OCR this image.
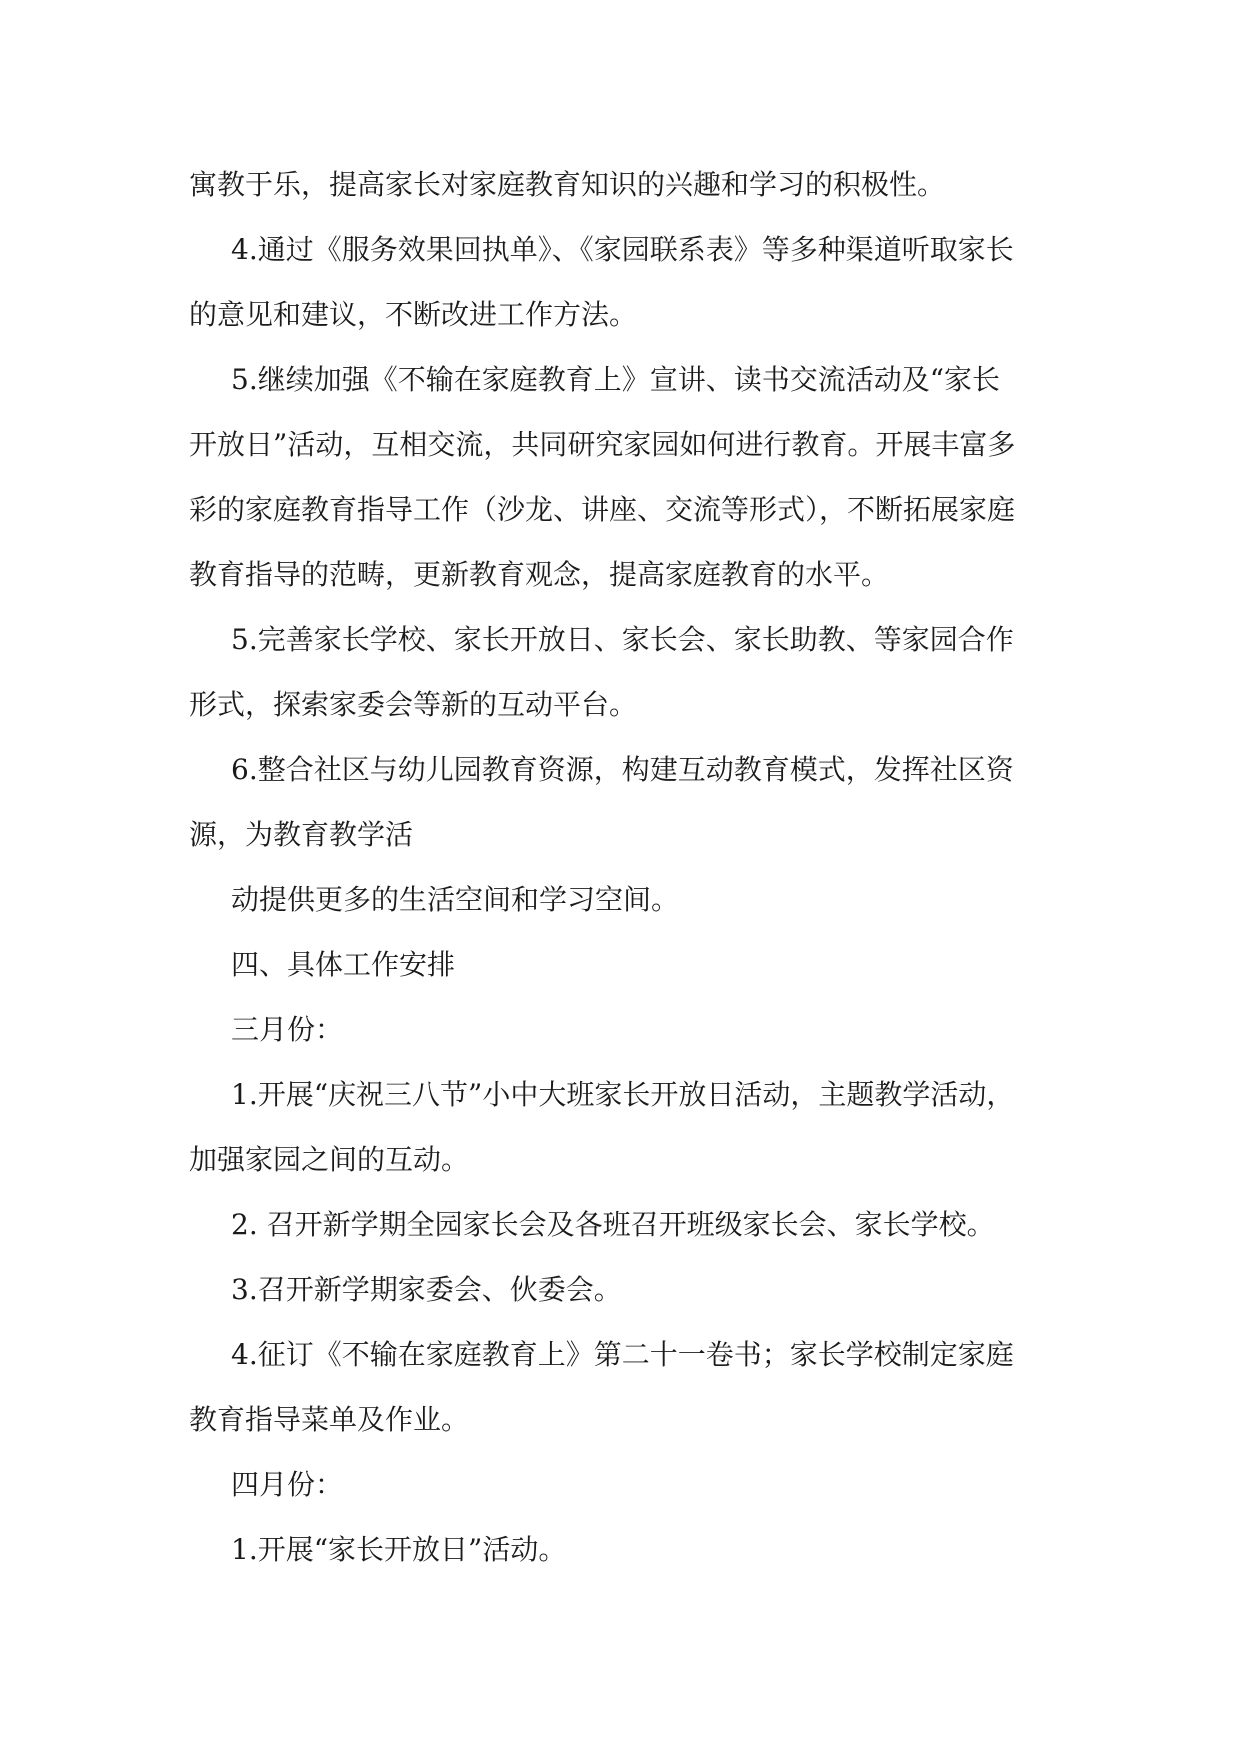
寓教于乐，提高家长对家庭教育知识的兴趣和学习的积极性。

4.通过《服务效果回执单》、《家园联系表》等多种渠道听取家长

的意见和建议，不断改进工作方法。

5.继续加强《不输在家庭教育上》宣讲、读书交流活动及“家长

开放日”活动，互相交流，共同研究家园如何进行教育。开展丰富多

彩的家庭教育指导工作（沙龙、讲座、交流等形式），不断拓展家庭

教育指导的范畴，更新教育观念，提高家庭教育的水平。

5.完善家长学校、家长开放日、家长会、家长助教、等家园合作

形式，探索家委会等新的互动平台。

6.整合社区与幼儿园教育资源，构建互动教育模式，发挥社区资

源，为教育教学活

动提供更多的生活空间和学习空间。

四、具体工作安排

三月份：

1.开展“庆祝三八节”小中大班家长开放日活动，主题教学活动，

加强家园之间的互动。

2. 召开新学期全园家长会及各班召开班级家长会、家长学校。

3.召开新学期家委会、伙委会。

4.征订《不输在家庭教育上》第二十一卷书；家长学校制定家庭

教育指导菜单及作业。

四月份：

1.开展“家长开放日”活动。
